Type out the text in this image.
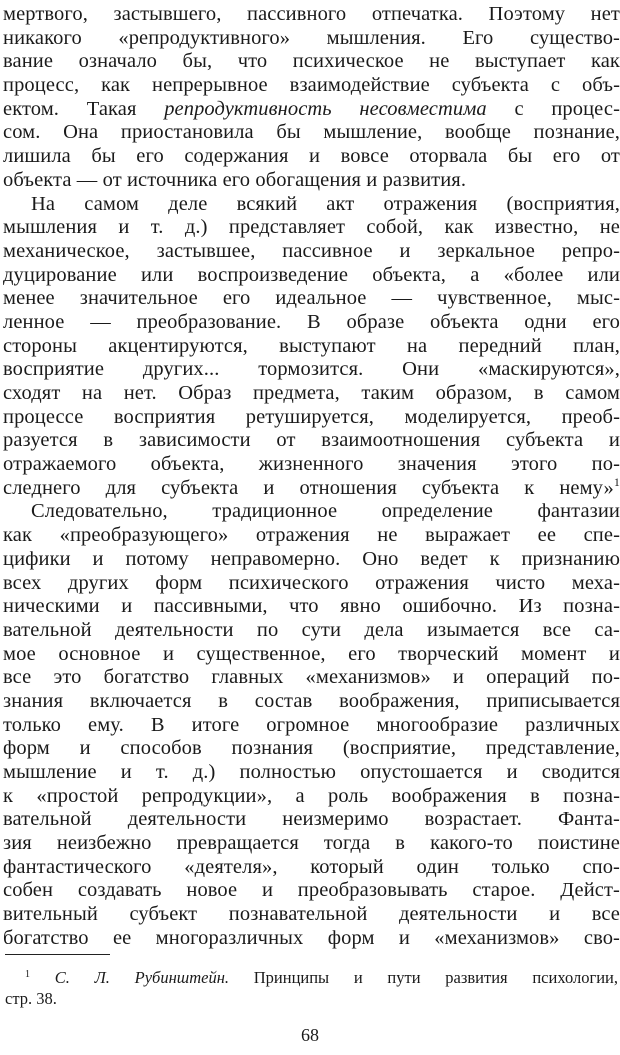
мертвого, застывшего, пассивного отпечатка. Поэтому нет
никакого «репродуктивного» мышления. Его существо-
вание означало бы, что психическое не выступает как
процесс, как непрерывное взаимодействие субъекта с объ-
ектом. Такая репродуктивность несовместима с процес-
сом. Она приостановила бы мышление, вообще познание,
лишила бы его содержания и вовсе оторвала бы его от
объекта — от источника его обогащения и развития.
На самом деле всякий акт отражения (восприятия,
мышления и т. д.) представляет собой, как известно, не
механическое, застывшее, пассивное и зеркальное репро-
дуцирование или воспроизведение объекта, а «более или
менее значительное его идеальное — чувственное, мыс-
ленное — преобразование. В образе объекта одни его
стороны акцентируются, выступают на передний план,
восприятие других... тормозится. Они «маскируются»,
сходят на нет. Образ предмета, таким образом, в самом
процессе восприятия ретушируется, моделируется, преоб-
разуется в зависимости от взаимоотношения субъекта и
отражаемого объекта, жизненного значения этого по-
следнего для субъекта и отношения субъекта к нему»$^1$
Следовательно, традиционное определение фантазии
как «преобразующего» отражения не выражает ее спе-
цифики и потому неправомерно. Оно ведет к признанию
всех других форм психического отражения чисто меха-
ническими и пассивными, что явно ошибочно. Из позна-
вательной деятельности по сути дела изымается все са-
мое основное и существенное, его творческий момент и
все это богатство главных «механизмов» и операций по-
знания включается в состав воображения, приписывается
только ему. В итоге огромное многообразие различных
форм и способов познания (восприятие, представление,
мышление и т. д.) полностью опустошается и сводится
к «простой репродукции», а роль воображения в позна-
вательной деятельности неизмеримо возрастает. Фанта-
зия неизбежно превращается тогда в какого-то поистине
фантастического «деятеля», который один только спо-
собен создавать новое и преобразовывать старое. Дейст-
вительный субъект познавательной деятельности и все
богатство ее многоразличных форм и «механизмов» сво-
$^1$ С. Л. Рубинштейн. Принципы и пути развития психологии,
стр. 38.
68
